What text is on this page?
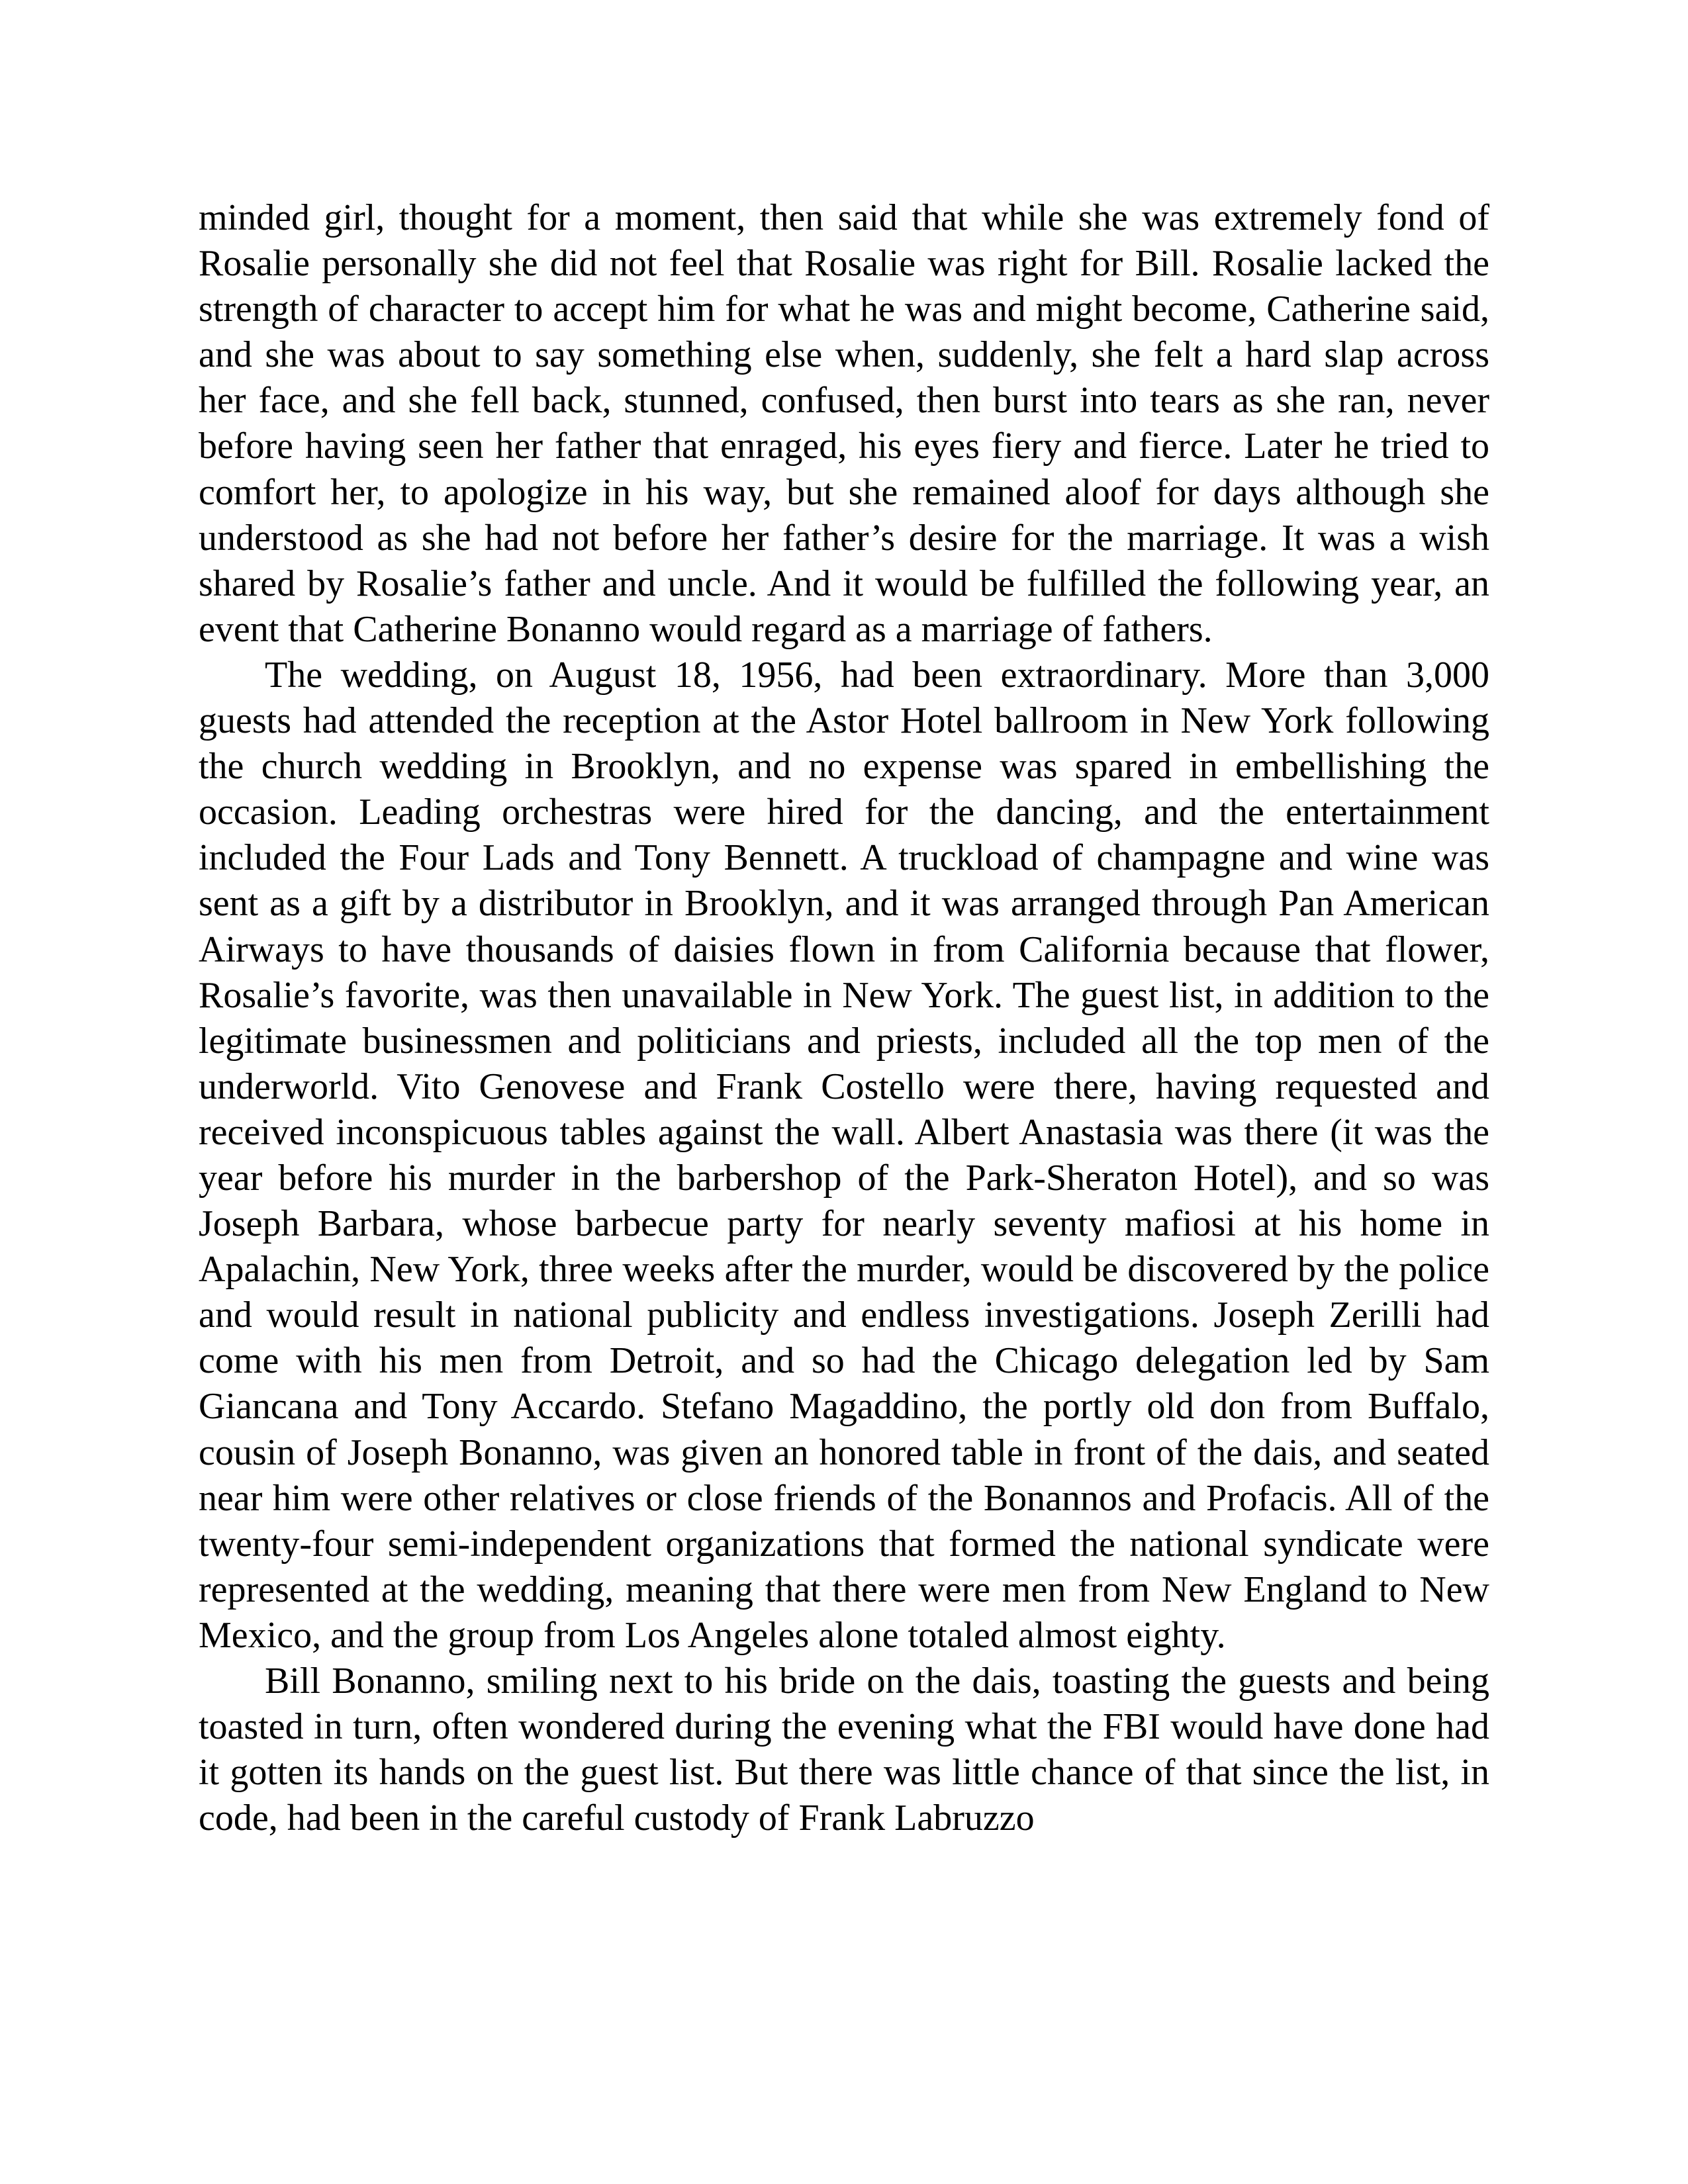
minded girl, thought for a moment, then said that while she was extremely fond of Rosalie personally she did not feel that Rosalie was right for Bill. Rosalie lacked the strength of character to accept him for what he was and might become, Catherine said, and she was about to say something else when, suddenly, she felt a hard slap across her face, and she fell back, stunned, confused, then burst into tears as she ran, never before having seen her father that enraged, his eyes fiery and fierce. Later he tried to comfort her, to apologize in his way, but she remained aloof for days although she understood as she had not before her father’s desire for the marriage. It was a wish shared by Rosalie’s father and uncle. And it would be fulfilled the following year, an event that Catherine Bonanno would regard as a marriage of fathers.

The wedding, on August 18, 1956, had been extraordinary. More than 3,000 guests had attended the reception at the Astor Hotel ballroom in New York following the church wedding in Brooklyn, and no expense was spared in embellishing the occasion. Leading orchestras were hired for the dancing, and the entertainment included the Four Lads and Tony Bennett. A truckload of champagne and wine was sent as a gift by a distributor in Brooklyn, and it was arranged through Pan American Airways to have thousands of daisies flown in from California because that flower, Rosalie’s favorite, was then unavailable in New York. The guest list, in addition to the legitimate businessmen and politicians and priests, included all the top men of the underworld. Vito Genovese and Frank Costello were there, having requested and received inconspicuous tables against the wall. Albert Anastasia was there (it was the year before his murder in the barbershop of the Park-Sheraton Hotel), and so was Joseph Barbara, whose barbecue party for nearly seventy mafiosi at his home in Apalachin, New York, three weeks after the murder, would be discovered by the police and would result in national publicity and endless investigations. Joseph Zerilli had come with his men from Detroit, and so had the Chicago delegation led by Sam Giancana and Tony Accardo. Stefano Magaddino, the portly old don from Buffalo, cousin of Joseph Bonanno, was given an honored table in front of the dais, and seated near him were other relatives or close friends of the Bonannos and Profacis. All of the twenty-four semi-independent organizations that formed the national syndicate were represented at the wedding, meaning that there were men from New England to New Mexico, and the group from Los Angeles alone totaled almost eighty.

Bill Bonanno, smiling next to his bride on the dais, toasting the guests and being toasted in turn, often wondered during the evening what the FBI would have done had it gotten its hands on the guest list. But there was little chance of that since the list, in code, had been in the careful custody of Frank Labruzzo
